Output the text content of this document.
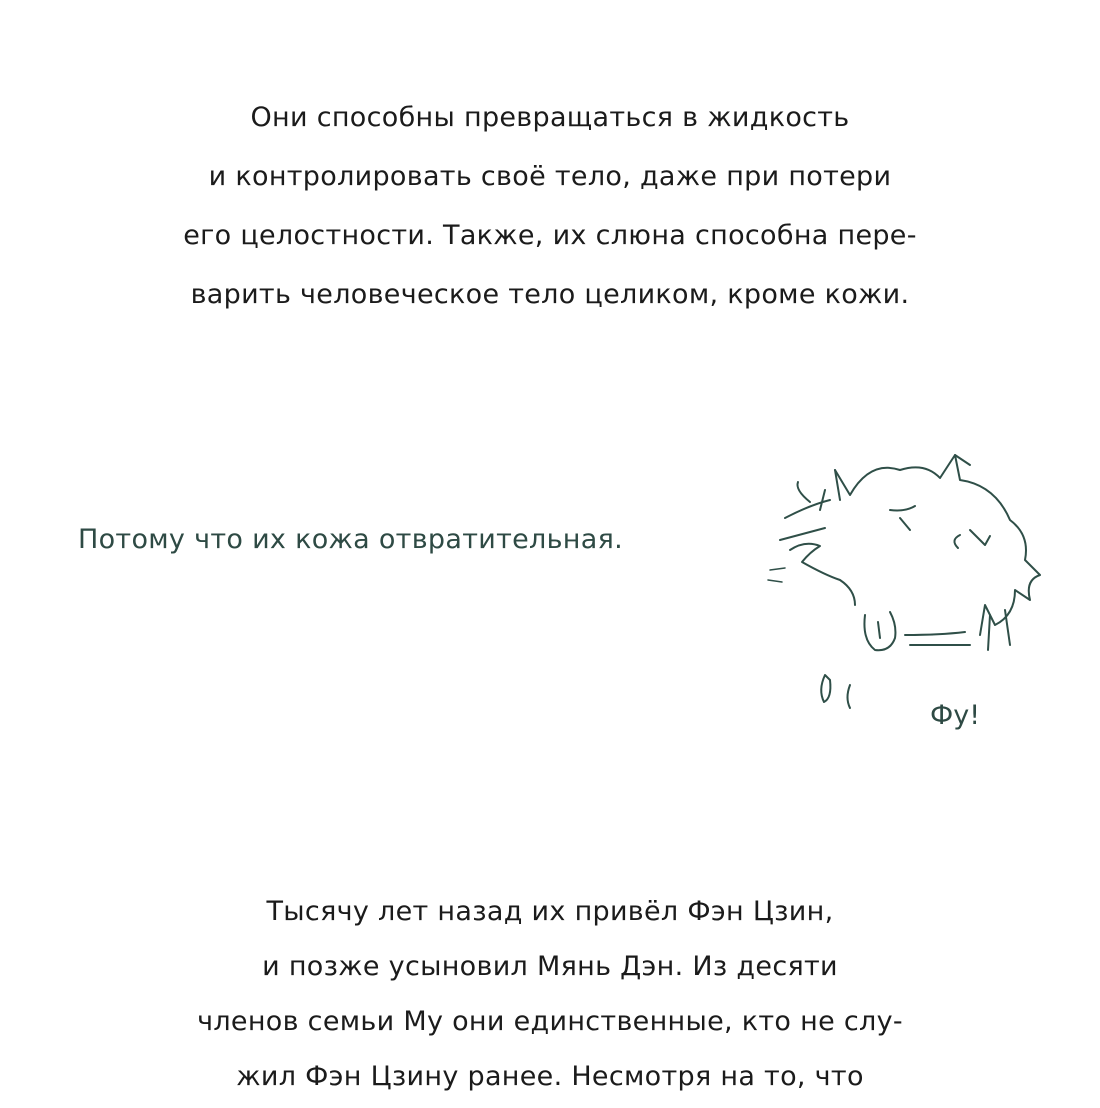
Они способны превращаться в жидкость
и контролировать своё тело, даже при потери
его целостности. Также, их слюна способна пере-
варить человеческое тело целиком, кроме кожи.
Потому что их кожа отвратительная.
Фу!
Тысячу лет назад их привёл Фэн Цзин,
и позже усыновил Мянь Дэн. Из десяти
членов семьи Му они единственные, кто не слу-
жил Фэн Цзину ранее. Несмотря на то, что
